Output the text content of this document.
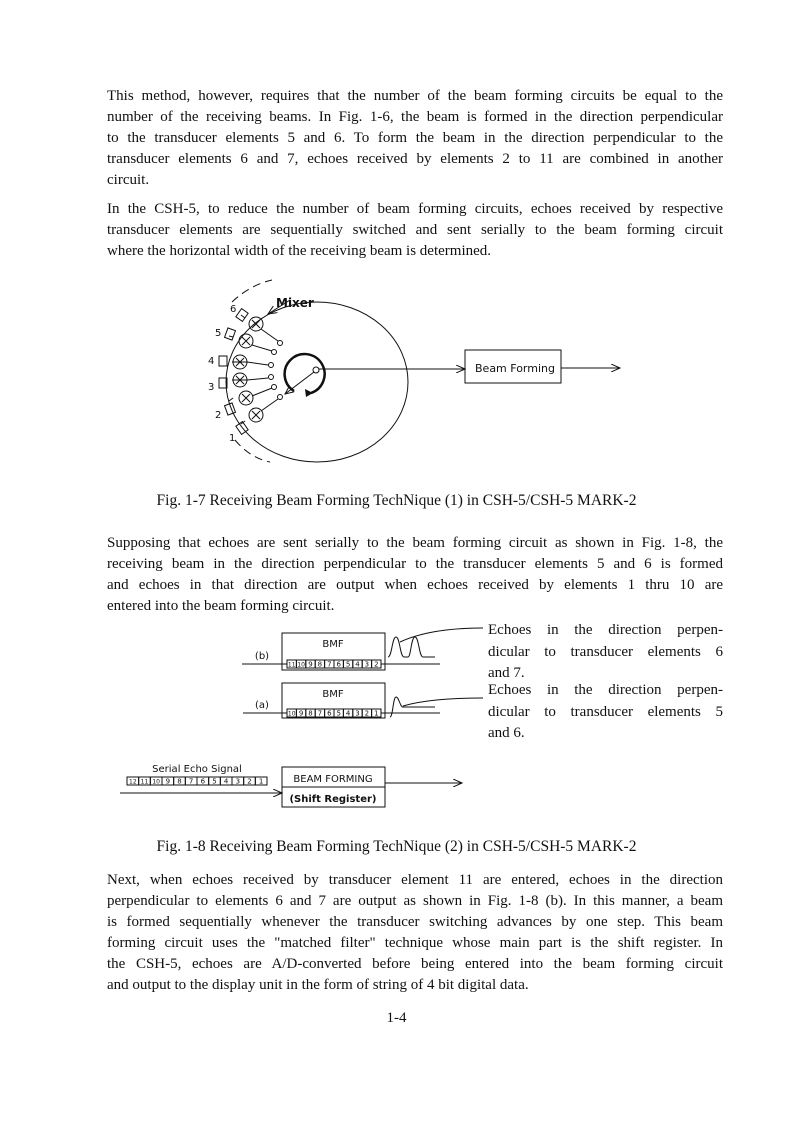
This method, however, requires that the number of the beam forming circuits be equal to the
number of the receiving beams. In Fig. 1-6, the beam is formed in the direction perpendicular
to the transducer elements 5 and 6. To form the beam in the direction perpendicular to the
transducer elements 6 and 7, echoes received by elements 2 to 11 are combined in another
circuit.
In the CSH-5, to reduce the number of beam forming circuits, echoes received by respective
transducer elements are sequentially switched and sent serially to the beam forming circuit
where the horizontal width of the receiving beam is determined.
Mixer
Beam Forming
1
2
3
4
5
6
Fig. 1-7 Receiving Beam Forming TechNique (1) in CSH-5/CSH-5 MARK-2
Supposing that echoes are sent serially to the beam forming circuit as shown in Fig. 1-8, the
receiving beam in the direction perpendicular to the transducer elements 5 and 6 is formed
and echoes in that direction are output when echoes received by elements 1 thru 10 are
entered into the beam forming circuit.
11 10 9 8 7 6 5 4 3 2
10 9 8 7 6 5 4 3 2 1
12 11 10 9 8 7 6 5 4 3 2 1
BMF
BMF
(b)
(a)
Serial Echo Signal
BEAM FORMING
(Shift Register)
Echoes in the direction perpen-
dicular to transducer elements 6
and 7.
Echoes in the direction perpen-
dicular to transducer elements 5
and 6.
Fig. 1-8 Receiving Beam Forming TechNique (2) in CSH-5/CSH-5 MARK-2
Next, when echoes received by transducer element 11 are entered, echoes in the direction
perpendicular to elements 6 and 7 are output as shown in Fig. 1-8 (b). In this manner, a beam
is formed sequentially whenever the transducer switching advances by one step. This beam
forming circuit uses the "matched filter" technique whose main part is the shift register. In
the CSH-5, echoes are A/D-converted before being entered into the beam forming circuit
and output to the display unit in the form of string of 4 bit digital data.
1-4
